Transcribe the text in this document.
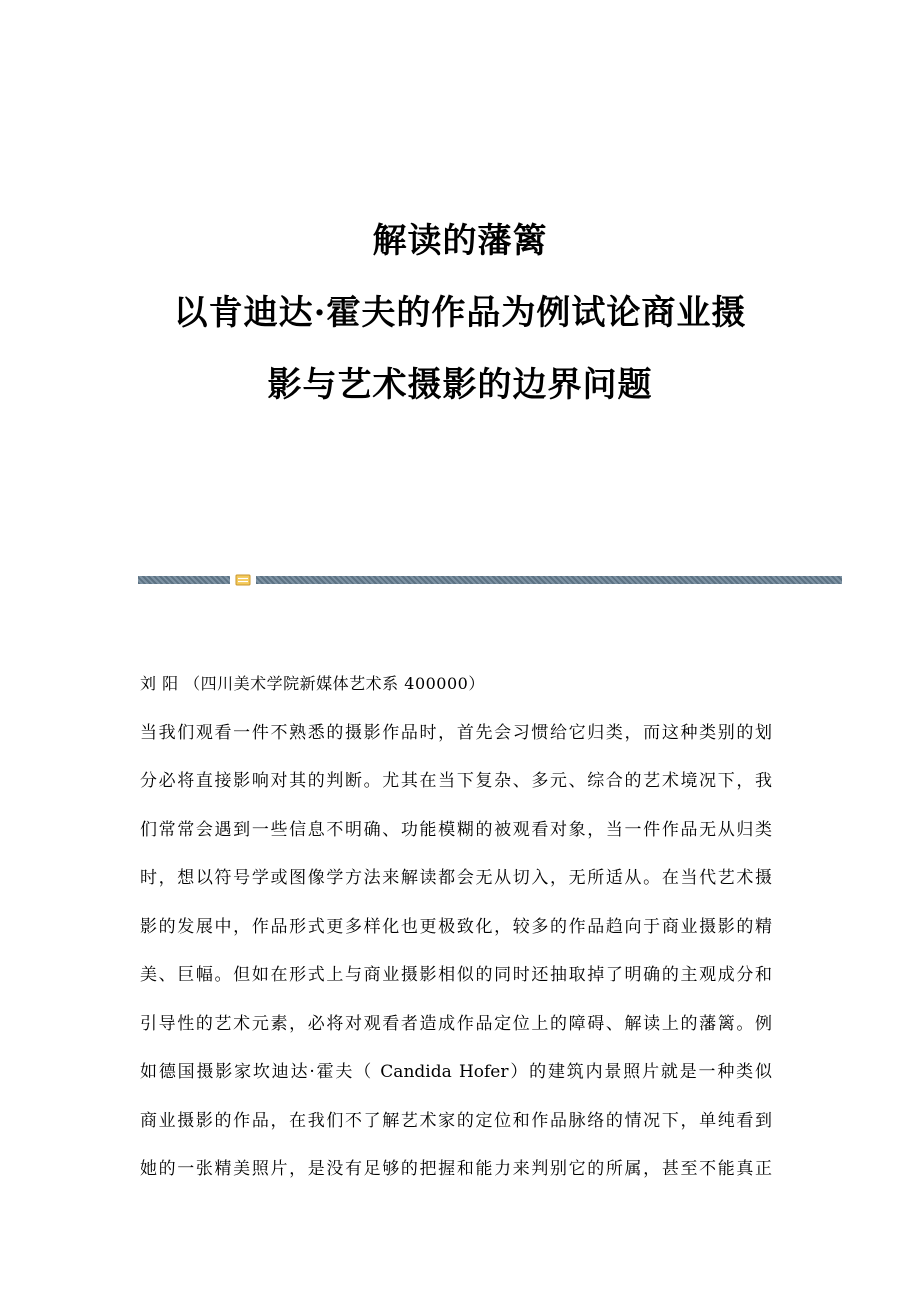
解读的藩篱
以肯迪达·霍夫的作品为例试论商业摄
影与艺术摄影的边界问题
刘 阳 （四川美术学院新媒体艺术系 400000）
当我们观看一件不熟悉的摄影作品时，首先会习惯给它归类，而这种类别的划
分必将直接影响对其的判断。尤其在当下复杂、多元、综合的艺术境况下，我
们常常会遇到一些信息不明确、功能模糊的被观看对象，当一件作品无从归类
时，想以符号学或图像学方法来解读都会无从切入，无所适从。在当代艺术摄
影的发展中，作品形式更多样化也更极致化，较多的作品趋向于商业摄影的精
美、巨幅。但如在形式上与商业摄影相似的同时还抽取掉了明确的主观成分和
引导性的艺术元素，必将对观看者造成作品定位上的障碍、解读上的藩篱。例
如德国摄影家坎迪达·霍夫（ Candida Hofer）的建筑内景照片就是一种类似
商业摄影的作品，在我们不了解艺术家的定位和作品脉络的情况下，单纯看到
她的一张精美照片，是没有足够的把握和能力来判别它的所属，甚至不能真正
